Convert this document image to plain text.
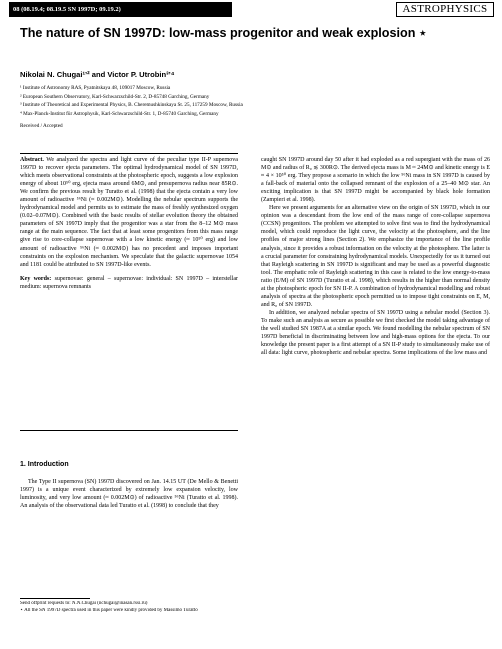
08 (08.19.4; 08.19.5 SN 1997D; 09.19.2)	ASTROPHYSICS
The nature of SN 1997D: low-mass progenitor and weak explosion ⋆
Nikolai N. Chugai¹ʼ² and Victor P. Utrobin³ʼ⁴
¹ Institute of Astronomy RAS, Pyatnitskaya 48, 109017 Moscow, Russia
² European Southern Observatory, Karl-Schwarzschild-Str. 2, D-85748 Garching, Germany
³ Institute of Theoretical and Experimental Physics, B. Cheremushkinskaya St. 25, 117259 Moscow, Russia
⁴ Max-Planck-Institut für Astrophysik, Karl-Schwarzschild-Str. 1, D-85740 Garching, Germany
Received / Accepted

Abstract. We analyzed the spectra and light curve of the peculiar type II-P supernova 1997D to recover ejecta parameters. The optimal hydrodynamical model of SN 1997D, which meets observational constraints at the photospheric epoch, suggests a low explosion energy of about 10⁵⁰ erg, ejecta mass around 6M⊙, and presupernova radius near 85R⊙. We confirm the previous result by Turatto et al. (1998) that the ejecta contain a very low amount of radioactive ⁵⁶Ni (≈ 0.002M⊙). Modelling the nebular spectrum supports the hydrodynamical model and permits us to estimate the mass of freshly synthesized oxygen (0.02–0.07M⊙). Combined with the basic results of stellar evolution theory the obtained parameters of SN 1997D imply that the progenitor was a star from the 8–12 M⊙ mass range at the main sequence. The fact that at least some progenitors from this mass range give rise to core-collapse supernovae with a low kinetic energy (≈ 10⁵⁰ erg) and low amount of radioactive ⁵⁶Ni (≈ 0.002M⊙) has no precedent and imposes important constraints on the explosion mechanism. We speculate that the galactic supernovae 1054 and 1181 could be attributed to SN 1997D-like events.

Key words: supernovae: general – supernovae: individual: SN 1997D – interstellar medium: supernova remnants

1. Introduction

The Type II supernova (SN) 1997D discovered on Jan. 14.15 UT (De Mello & Benetti 1997) is a unique event characterized by extremely low expansion velocity, low luminosity, and very low amount (≈ 0.002M⊙) of radioactive ⁵⁶Ni (Turatto et al. 1998). An analysis of the observational data led Turatto et al. (1998) to conclude that they

Send offprint requests to: N.N.Chugai (nchugai@inasan.rssi.ru)
⋆ All the SN 1997D spectra used in this paper were kindly provided by Massimo Turatto

caught SN 1997D around day 50 after it had exploded as a red supergiant with the mass of 26 M⊙ and radius of R₀ ≲ 300R⊙. The derived ejecta mass is M ≈ 24M⊙ and kinetic energy is E ≈ 4 × 10⁵⁰ erg. They propose a scenario in which the low ⁵⁶Ni mass in SN 1997D is caused by a fall-back of material onto the collapsed remnant of the explosion of a 25–40 M⊙ star. An exciting implication is that SN 1997D might be accompanied by black hole formation (Zampieri et al. 1998).

Here we present arguments for an alternative view on the origin of SN 1997D, which in our opinion was a descendant from the low end of the mass range of core-collapse supernova (CCSN) progenitors. The problem we attempted to solve first was to find the hydrodynamical model, which could reproduce the light curve, the velocity at the photosphere, and the line profiles of major strong lines (Section 2). We emphasize the importance of the line profile analysis, since it provides a robust information on the velocity at the photosphere. The latter is a crucial parameter for constraining hydrodynamical models. Unexpectedly for us it turned out that Rayleigh scattering in SN 1997D is significant and may be used as a powerful diagnostic tool. The emphatic role of Rayleigh scattering in this case is related to the low energy-to-mass ratio (E/M) of SN 1997D (Turatto et al. 1998), which results in the higher than normal density at the photospheric epoch for SN II-P. A combination of hydrodynamical modelling and robust analysis of spectra at the photospheric epoch permitted us to impose tight constraints on E, M, and R₀ of SN 1997D.

In addition, we analyzed nebular spectra of SN 1997D using a nebular model (Section 3). To make such an analysis as secure as possible we first checked the model taking advantage of the well studied SN 1987A at a similar epoch. We found modelling the nebular spectrum of SN 1997D beneficial in discriminating between low and high-mass options for the ejecta. To our knowledge the present paper is a first attempt of a SN II-P study to simultaneously make use of all data: light curve, photospheric and nebular spectra. Some implications of the low mass and
